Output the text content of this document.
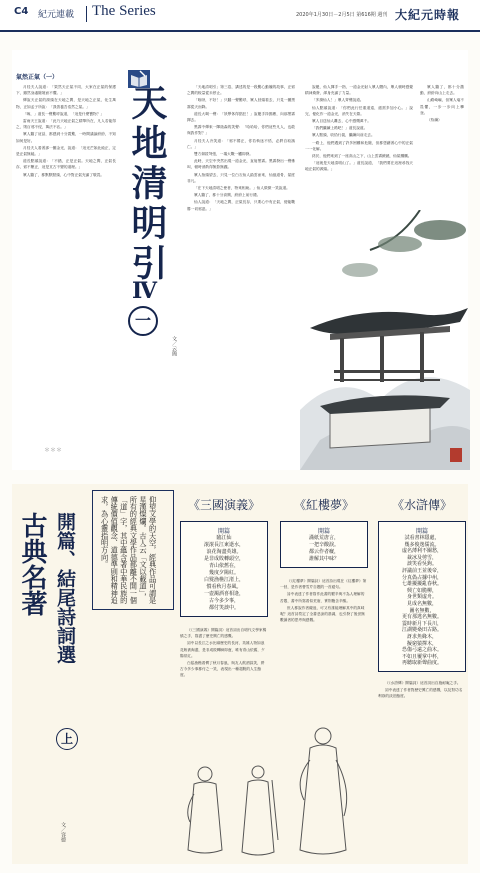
C4 紀元連載 The Series	2020年1月30日－2月5日 第616期 週刊 大紀元時報
氣然正氣（一）

月桂夫人說道：「果然天正氣不同，大家在正氣的保護下，雖然身處險境而不懼。」

傳說天正氣的源頭在天地之間，是天地之正氣，化生萬物，正如孟子所說：「我善養吾浩然之氣。」

「咦，」道長一聲驚呼說道，「這是什麼寶物？」

雷雨天王說道：「此乃天地正氣之精華所在，凡人若能得之，則百邪不侵，萬法不沾。」

眾人聽了這話，都感到十分震驚，一時間議論紛紛，不知如何是好。

月桂夫人看著那一團金光，說道：「這光芒如此純正，定是正氣無疑。」

道長點頭說道：「不錯，正是正氣。天地之間，正氣長存，邪不壓正，這是亘古不變的道理。」

眾人聽了，都默默點頭，心中對正氣充滿了敬畏。

＊＊＊
天地清明引
Ⅳ
一
文／云簡

「天地清明引」第三卷，講述的是一段驚心動魄的故事，正邪之間的較量從未停止。

「唉呀，不好！」只聽一聲驚呼，眾人回頭看去，只見一團黑霧從天而降。

道長大喝一聲：「妖孽休得猖狂！」說罷手持拂塵，向那黑霧揮去。

黑霧中傳來一陣陰森的笑聲：「哈哈哈，你們這些凡人，也敢與我作對？」

月桂夫人冷笑道：「邪不勝正，你若執迷不悟，必將自取滅亡。」

雙方劍拔弩張，一場大戰一觸即發。

此時，天空中突然出現一道金光，直射黑霧。黑霧發出一聲慘叫，頓時消散得無影無蹤。

眾人抬頭望去，只見一位白衣仙人踏雲而來，仙風道骨，氣度非凡。

「在下天地清明之使者，特來相助。」仙人微微一笑說道。

眾人聽了，都十分高興，紛紛上前行禮。

仙人說道：「天地之間，正氣長存，只要心中有正氣，便能戰勝一切邪惡。」

說罷，仙人揮手一指，一道金光射入眾人體內，眾人頓時感覺精神煥發，渾身充滿了力量。

「多謝仙人！」眾人齊聲說道。

仙人點頭說道：「你們此行任重道遠，還需多加小心。」說完，便化作一道金光，消失在天際。

眾人目送仙人離去，心中感慨萬千。

「我們繼續上路吧！」道長說道。

眾人點頭，收拾行裝，繼續向前走去。

一路上，他們遇到了許多困難和危險，但都憑藉著心中的正氣一一化解。

終於，他們來到了一座高山之下，山上雲霧繚繞，仙氣飄飄。

「這就是天地清明山了。」道長說道，「我們要在這裡尋找天地正氣的源頭。」

眾人聽了，都十分激動，紛紛向山上走去。

山路崎嶇，但眾人毫不畏懼，一步一步向上攀登。

（待續）

古典名著 開篇、結尾詩詞選
上
文／容德
仰望文學的天空，經典作品可謂是星漢燦爛。古人云「文以載道」，所有的經典文學作品都離不開一個「道」字，其中蘊含著中華民族的傳統價值觀念、道德準則和精神追求，為心靈指明方向。	《三國演義》
開篇
臨江仙
滾滾長江東逝水，
浪花淘盡英雄。
是非成敗轉頭空，
青山依舊在，
幾度夕陽紅。
白髮漁樵江渚上，
慣看秋月春風。
一壺濁酒喜相逢，
古今多少事，
都付笑談中。

（《三國演義》開篇詞）這首詞出自明代文學家楊慎之手，寫盡了歷史興亡的感慨。

詞中以長江之水比喻歷史的長河，英雄人物如浪花般被淘盡，是非成敗轉瞬即逝，唯有青山依舊，夕陽常紅。

白髮漁樵看慣了秋月春風，與友人飲酒談笑，將古今多少事都付之一笑，表現出一種超脫的人生態度。

《紅樓夢》
開篇
滿紙荒唐言，
一把辛酸淚。
都云作者癡，
誰解其中味？

（《紅樓夢》開篇詩）這首詩出現在《紅樓夢》第一回，是作者曹雪芹自題的一首絕句。

詩中表達了作者寫作此書的艱辛與不為人理解的苦悶，書中所寫看似荒唐，實則飽含辛酸。

世人都說作者癡迷，可又有誰能理解其中的真味呢？這首詩奠定了全書悲涼的基調，也引發了後世無數讀者的思考與感慨。

《水滸傳》
開篇
試看書林隱處，
幾多俊逸儒流。
虛名薄利不關愁，
裁冰及剪雪，
談笑看吳鉤。
評議前王並後帝，
分真偽占據中州，
七雄擾擾亂春秋。
興亡如脆柳，
身世類虛舟。
見成名無數，
圖名無數，
更有那逃名無數。
霎時新月下長川，
江湖變桑田古路。
訝求魚緣木，
擬窮猿擇木，
恐傷弓遠之曲木。
不如且覆掌中杯，
再聽取新聲曲度。

（《水滸傳》開篇詞）這首詞出自施耐庵之手。

詞中表達了作者對歷史興亡的感慨，以及對功名利祿的淡泊態度。
